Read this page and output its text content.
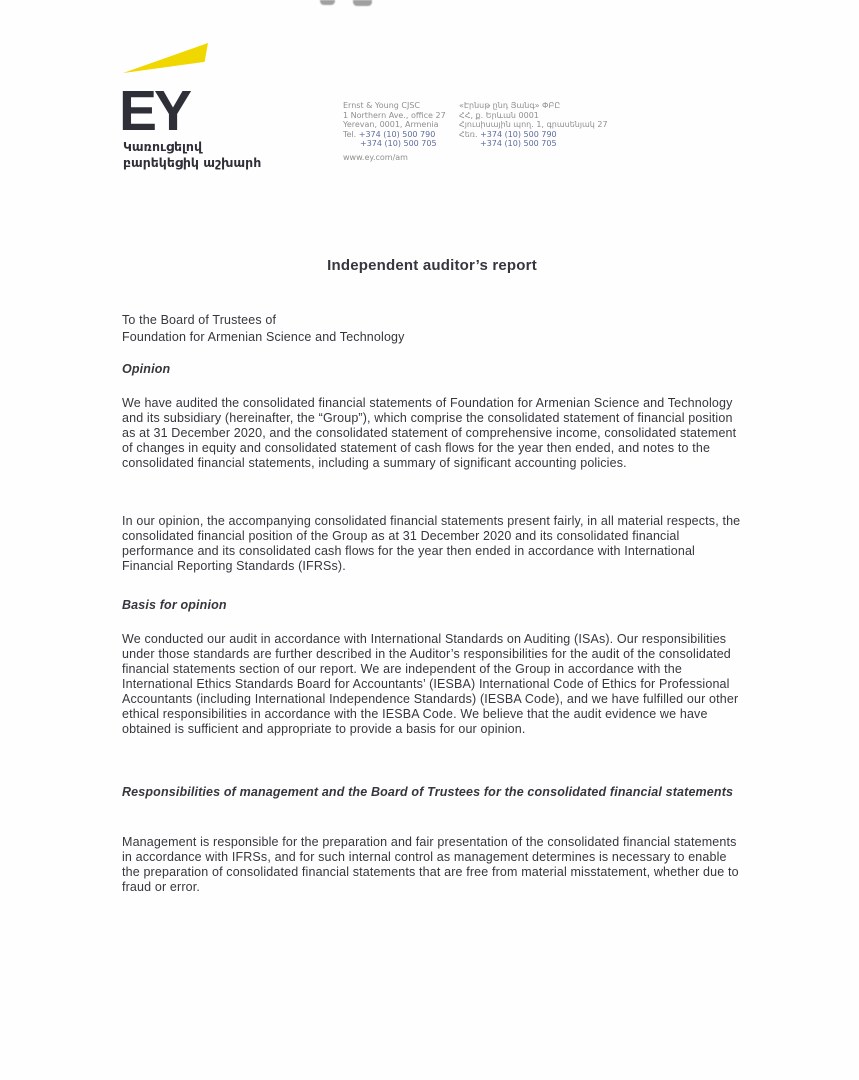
EY
Կառուցելով
բարեկեցիկ աշխարհ
Ernst & Young CJSC
1 Northern Ave., office 27
Yerevan, 0001, Armenia
Tel. +374 (10) 500 790
+374 (10) 500 705
www.ey.com/am
«Էրնսթ ընդ Յանգ» ՓԲԸ
ՀՀ, ք. Երևան 0001
Հյուսիսային պող. 1, գրասենյակ 27
Հեռ. +374 (10) 500 790
+374 (10) 500 705
Independent auditor’s report
To the Board of Trustees of
Foundation for Armenian Science and Technology
Opinion
We have audited the consolidated financial statements of Foundation for Armenian Science and Technology and its subsidiary (hereinafter, the “Group”), which comprise the consolidated statement of financial position as at 31 December 2020, and the consolidated statement of comprehensive income, consolidated statement of changes in equity and consolidated statement of cash flows for the year then ended, and notes to the consolidated financial statements, including a summary of significant accounting policies.
In our opinion, the accompanying consolidated financial statements present fairly, in all material respects, the consolidated financial position of the Group as at 31 December 2020 and its consolidated financial performance and its consolidated cash flows for the year then ended in accordance with International Financial Reporting Standards (IFRSs).
Basis for opinion
We conducted our audit in accordance with International Standards on Auditing (ISAs). Our responsibilities under those standards are further described in the Auditor’s responsibilities for the audit of the consolidated financial statements section of our report. We are independent of the Group in accordance with the International Ethics Standards Board for Accountants’ (IESBA) International Code of Ethics for Professional Accountants (including International Independence Standards) (IESBA Code), and we have fulfilled our other ethical responsibilities in accordance with the IESBA Code. We believe that the audit evidence we have obtained is sufficient and appropriate to provide a basis for our opinion.
Responsibilities of management and the Board of Trustees for the consolidated financial statements
Management is responsible for the preparation and fair presentation of the consolidated financial statements in accordance with IFRSs, and for such internal control as management determines is necessary to enable the preparation of consolidated financial statements that are free from material misstatement, whether due to fraud or error.
